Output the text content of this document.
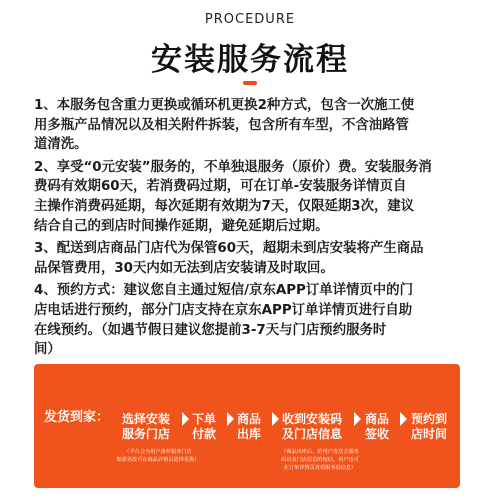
PROCEDURE
安装服务流程
1、本服务包含重力更换或循环机更换2种方式，包含一次施工使
用多瓶产品情况以及相关附件拆装，包含所有车型，不含油路管
道清洗。
2、享受“0元安装”服务的，不单独退服务（原价）费。安装服务消
费码有效期60天，若消费码过期，可在订单-安装服务详情页自
主操作消费码延期，每次延期有效期为7天，仅限延期3次，建议
结合自己的到店时间操作延期，避免延期后过期。
3、配送到店商品门店代为保管60天，超期未到店安装将产生商品
品保管费用，30天内如无法到店安装请及时取回。
4、预约方式：建议您自主通过短信/京东APP订单详情页中的门
店电话进行预约，部分门店支持在京东APP订单详情页进行自助
在线预约。（如遇节假日建议您提前3-7天与门店预约服务时
间）
发货到家： 选择安装
服务门店
下单
付款
商品
出库
收到安装码
及门店信息
商品
签收
预约到
店时间
（平台会为用户推荐服务门店
如需更改可在商品详情页选择更换）
（商品出库后，给用户发送含服务
码以及门店信息的短信，用户也可
在订单详情页查看服务码信息）
